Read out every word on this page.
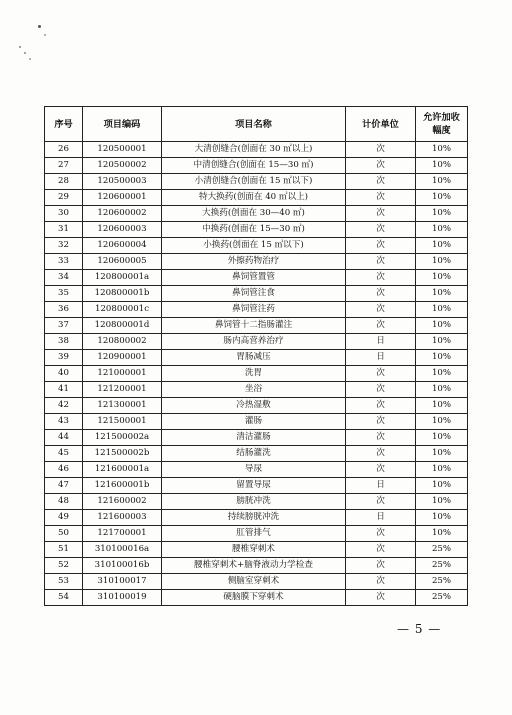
序号	项目编码	项目名称	计价单位	允许加收幅度
26	120500001	大清创缝合(创面在 30 ㎡以上)	次	10%
27	120500002	中清创缝合(创面在 15—30 ㎡)	次	10%
28	120500003	小清创缝合(创面在 15 ㎡以下)	次	10%
29	120600001	特大换药(创面在 40 ㎡以上)	次	10%
30	120600002	大换药(创面在 30—40 ㎡)	次	10%
31	120600003	中换药(创面在 15—30 ㎡)	次	10%
32	120600004	小换药(创面在 15 ㎡以下)	次	10%
33	120600005	外擦药物治疗	次	10%
34	120800001a	鼻饲管置管	次	10%
35	120800001b	鼻饲管注食	次	10%
36	120800001c	鼻饲管注药	次	10%
37	120800001d	鼻饲管十二指肠灌注	次	10%
38	120800002	肠内高营养治疗	日	10%
39	120900001	胃肠减压	日	10%
40	121000001	洗胃	次	10%
41	121200001	坐浴	次	10%
42	121300001	冷热湿敷	次	10%
43	121500001	灌肠	次	10%
44	121500002a	清洁灌肠	次	10%
45	121500002b	结肠灌洗	次	10%
46	121600001a	导尿	次	10%
47	121600001b	留置导尿	日	10%
48	121600002	膀胱冲洗	次	10%
49	121600003	持续膀胱冲洗	日	10%
50	121700001	肛管排气	次	10%
51	310100016a	腰椎穿刺术	次	25%
52	310100016b	腰椎穿刺术+脑脊液动力学检查	次	25%
53	310100017	侧脑室穿刺术	次	25%
54	310100019	硬脑膜下穿刺术	次	25%
— 5 —
